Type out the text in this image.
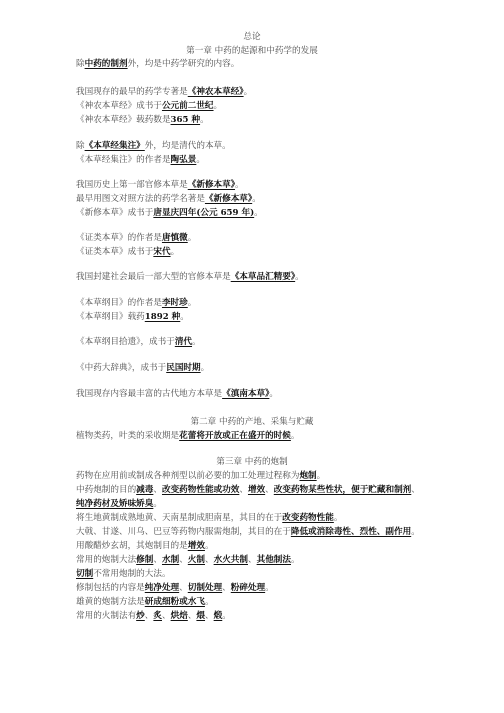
总论
第一章 中药的起源和中药学的发展
除中药的制剂外，均是中药学研究的内容。
我国现存的最早的药学专著是《神农本草经》。
《神农本草经》成书于公元前二世纪。
《神农本草经》载药数是365 种。
除《本草经集注》外，均是清代的本草。
《本草经集注》的作者是陶弘景。
我国历史上第一部官修本草是《新修本草》。
最早用图文对照方法的药学名著是《新修本草》。
《新修本草》成书于唐显庆四年(公元 659 年)。
《证类本草》的作者是唐慎微。
《证类本草》成书于宋代。
我国封建社会最后一部大型的官修本草是《本草品汇精要》。
《本草纲目》的作者是李时珍。
《本草纲目》载药1892 种。
《本草纲目拾遗》，成书于清代。
《中药大辞典》，成书于民国时期。
我国现存内容最丰富的古代地方本草是《滇南本草》。
第二章 中药的产地、采集与贮藏
植物类药，叶类的采收期是花蕾将开放或正在盛开的时候。
第三章 中药的炮制
药物在应用前或制成各种剂型以前必要的加工处理过程称为炮制。
中药炮制的目的减毒、改变药物性能或功效、增效、改变药物某些性状，便于贮藏和制剂、
纯净药材及矫味矫臭。
将生地黄制成熟地黄、天南星制成胆南星，其目的在于改变药物性能。
大戟、甘遂、川乌、巴豆等药物内服需炮制，其目的在于降低或消除毒性、烈性、副作用。
用酸醋炒玄胡，其炮制目的是增效。
常用的炮制大法修制、水制、火制、水火共制、其他制法。
切制不常用炮制的大法。
修制包括的内容是纯净处理、切制处理、粉碎处理。
雄黄的炮制方法是研成细粉或水飞。
常用的火制法有炒、炙、烘焙、煨、煅。
